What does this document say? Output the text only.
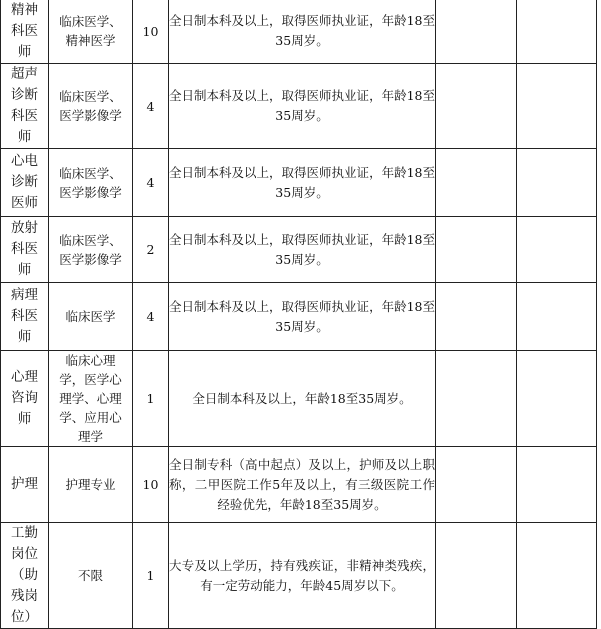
精神科医师	临床医学、精神医学	10	全日制本科及以上，取得医师执业证，年龄18至35周岁。		

超声诊断科医师	临床医学、医学影像学	4	全日制本科及以上，取得医师执业证，年龄18至35周岁。		

心电诊断医师	临床医学、医学影像学	4	全日制本科及以上，取得医师执业证，年龄18至35周岁。		

放射科医师	临床医学、医学影像学	2	全日制本科及以上，取得医师执业证，年龄18至35周岁。		

病理科医师	临床医学	4	全日制本科及以上，取得医师执业证，年龄18至35周岁。		

心理咨询师	临床心理学，医学心理学、心理学、应用心理学	1	全日制本科及以上，年龄18至35周岁。		

护理	护理专业	10	全日制专科（高中起点）及以上，护师及以上职称，二甲医院工作5年及以上，有三级医院工作经验优先，年龄18至35周岁。		

工勤岗位（助残岗位）	不限	1	大专及以上学历，持有残疾证，非精神类残疾，有一定劳动能力，年龄45周岁以下。		
